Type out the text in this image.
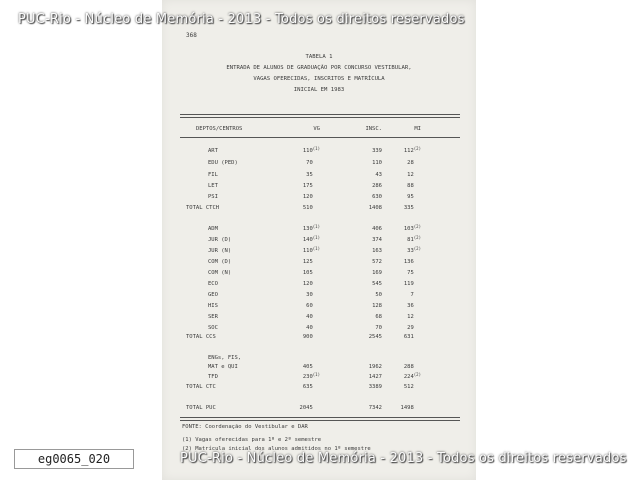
368
TABELA 1
ENTRADA DE ALUNOS DE GRADUAÇÃO POR CONCURSO VESTIBULAR,
VAGAS OFERECIDAS, INSCRITOS E MATRÍCULA
INICIAL EM 1983
DEPTOS/CENTROS	VG	INSC.	MI
ART	110$^{(1)}$	339	112$^{(2)}$
EDU (PED)	70	110	28
FIL	35	43	12
LET	175	286	88
PSI	120	630	95
TOTAL CTCH	510	1408	335
ADM	130$^{(1)}$	406	103$^{(2)}$
JUR (D)	140$^{(1)}$	374	81$^{(2)}$
JUR (N)	110$^{(1)}$	163	33$^{(2)}$
COM (D)	125	572	136
COM (N)	105	169	75
ECO	120	545	119
GEO	30	50	7
HIS	60	128	36
SER	40	68	12
SOC	40	70	29
TOTAL CCS	900	2545	631
ENGs, FIS,
MAT e QUI	405	1962	288
TFD	230$^{(1)}$	1427	224$^{(2)}$
TOTAL CTC	635	3389	512
TOTAL PUC	2045	7342	1498
FONTE: Coordenação do Vestibular e DAR
(1) Vagas oferecidas para 1º e 2º semestre
(2) Matrícula inicial dos alunos admitidos no 1º semestre
PUC-Rio - Núcleo de Memória - 2013 - Todos os direitos reservados
PUC-Rio - Núcleo de Memória - 2013 - Todos os direitos reservados
eg0065_020
